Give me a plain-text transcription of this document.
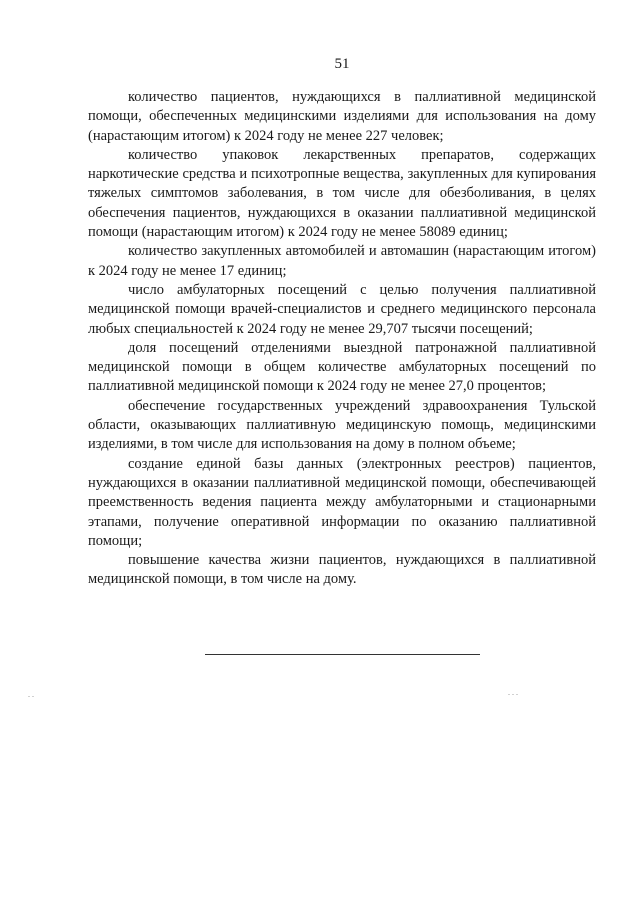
51

количество пациентов, нуждающихся в паллиативной медицинской помощи, обеспеченных медицинскими изделиями для использования на дому (нарастающим итогом) к 2024 году не менее 227 человек;

количество упаковок лекарственных препаратов, содержащих наркотические средства и психотропные вещества, закупленных для купирования тяжелых симптомов заболевания, в том числе для обезболивания, в целях обеспечения пациентов, нуждающихся в оказании паллиативной медицинской помощи (нарастающим итогом) к 2024 году не менее 58089 единиц;

количество закупленных автомобилей и автомашин (нарастающим итогом) к 2024 году не менее 17 единиц;

число амбулаторных посещений с целью получения паллиативной медицинской помощи врачей-специалистов и среднего медицинского персонала любых специальностей к 2024 году не менее 29,707 тысячи посещений;

доля посещений отделениями выездной патронажной паллиативной медицинской помощи в общем количестве амбулаторных посещений по паллиативной медицинской помощи к 2024 году не менее 27,0 процентов;

обеспечение государственных учреждений здравоохранения Тульской области, оказывающих паллиативную медицинскую помощь, медицинскими изделиями, в том числе для использования на дому в полном объеме;

создание единой базы данных (электронных реестров) пациентов, нуждающихся в оказании паллиативной медицинской помощи, обеспечивающей преемственность ведения пациента между амбулаторными и стационарными этапами, получение оперативной информации по оказанию паллиативной помощи;

повышение качества жизни пациентов, нуждающихся в паллиативной медицинской помощи, в том числе на дому.

. .	. . .
